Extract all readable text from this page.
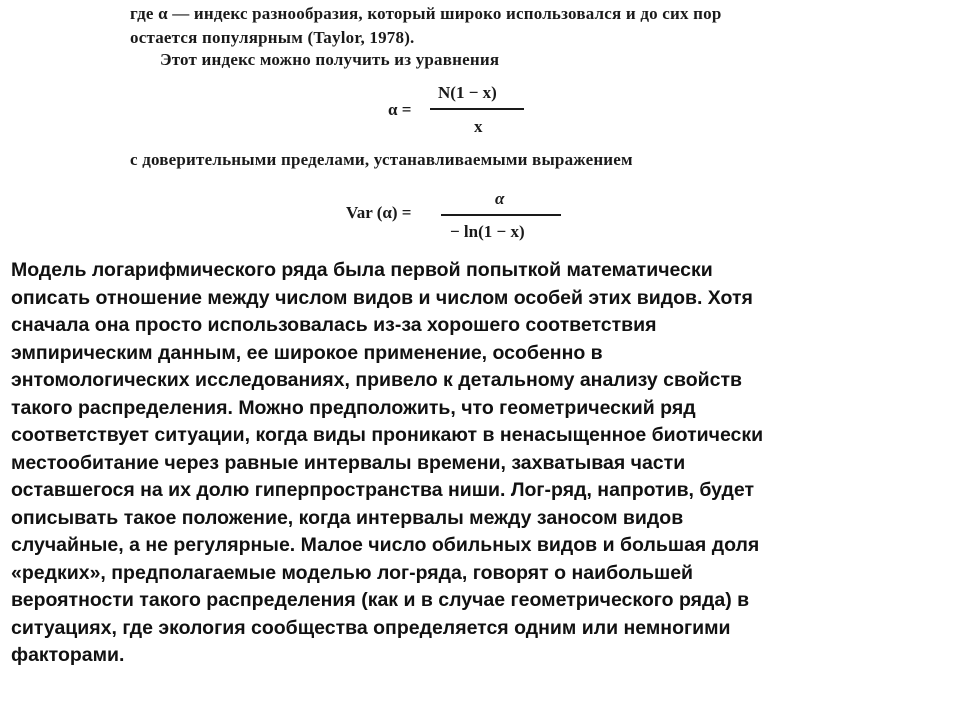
где α — индекс разнообразия, который широко использовался и до сих пор
остается популярным (Taylor, 1978).
Этот индекс можно получить из уравнения
α =
N(1 − x)
x
с доверительными пределами, устанавливаемыми выражением
Var (α) =
α
− ln(1 − x)

Модель логарифмического ряда была первой попыткой математически
описать отношение между числом видов и числом особей этих видов. Хотя
сначала она просто использовалась из-за хорошего соответствия
эмпирическим данным, ее широкое применение, особенно в
энтомологических исследованиях, привело к детальному анализу свойств
такого распределения. Можно предположить, что геометрический ряд
соответствует ситуации, когда виды проникают в ненасыщенное биотически
местообитание через равные интервалы времени, захватывая части
оставшегося на их долю гиперпространства ниши. Лог-ряд, напротив, будет
описывать такое положение, когда интервалы между заносом видов
случайные, а не регулярные. Малое число обильных видов и большая доля
«редких», предполагаемые моделью лог-ряда, говорят о наибольшей
вероятности такого распределения (как и в случае геометрического ряда) в
ситуациях, где экология сообщества определяется одним или немногими
факторами.
